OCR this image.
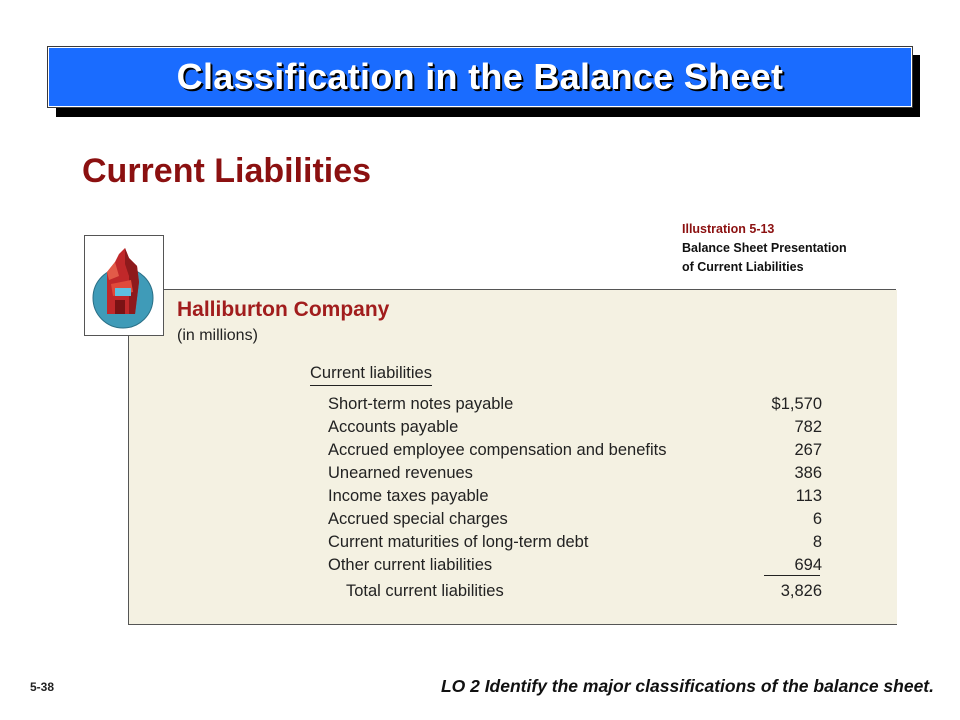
Classification in the Balance Sheet
Current Liabilities
Illustration 5-13
Balance Sheet Presentation
of Current Liabilities
Halliburton Company
(in millions)
Current liabilities
Short-term notes payable	$1,570
Accounts payable	782
Accrued employee compensation and benefits	267
Unearned revenues	386
Income taxes payable	113
Accrued special charges	6
Current maturities of long-term debt	8
Other current liabilities	694
Total current liabilities	3,826
5-38	LO 2 Identify the major classifications of the balance sheet.
